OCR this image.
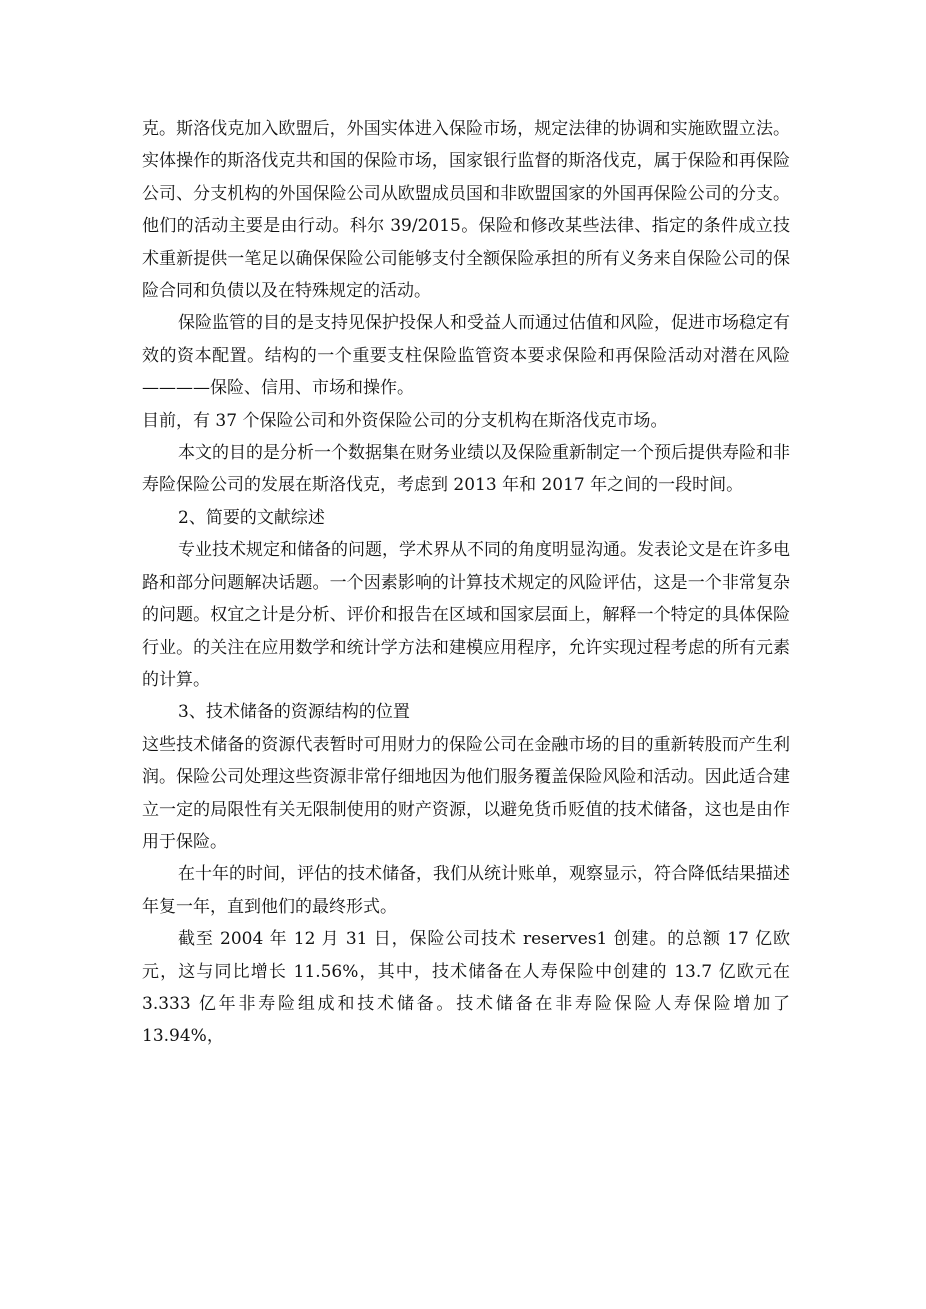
克。斯洛伐克加入欧盟后，外国实体进入保险市场，规定法律的协调和实施欧盟立法。实体操作的斯洛伐克共和国的保险市场，国家银行监督的斯洛伐克，属于保险和再保险公司、分支机构的外国保险公司从欧盟成员国和非欧盟国家的外国再保险公司的分支。他们的活动主要是由行动。科尔 39/2015。保险和修改某些法律、指定的条件成立技术重新提供一笔足以确保保险公司能够支付全额保险承担的所有义务来自保险公司的保险合同和负债以及在特殊规定的活动。

保险监管的目的是支持见保护投保人和受益人而通过估值和风险，促进市场稳定有效的资本配置。结构的一个重要支柱保险监管资本要求保险和再保险活动对潜在风险————保险、信用、市场和操作。

目前，有 37 个保险公司和外资保险公司的分支机构在斯洛伐克市场。

本文的目的是分析一个数据集在财务业绩以及保险重新制定一个预后提供寿险和非寿险保险公司的发展在斯洛伐克，考虑到 2013 年和 2017 年之间的一段时间。

2、简要的文献综述

专业技术规定和储备的问题，学术界从不同的角度明显沟通。发表论文是在许多电路和部分问题解决话题。一个因素影响的计算技术规定的风险评估，这是一个非常复杂的问题。权宜之计是分析、评价和报告在区域和国家层面上，解释一个特定的具体保险行业。的关注在应用数学和统计学方法和建模应用程序，允许实现过程考虑的所有元素的计算。

3、技术储备的资源结构的位置

这些技术储备的资源代表暂时可用财力的保险公司在金融市场的目的重新转股而产生利润。保险公司处理这些资源非常仔细地因为他们服务覆盖保险风险和活动。因此适合建立一定的局限性有关无限制使用的财产资源，以避免货币贬值的技术储备，这也是由作用于保险。

在十年的时间，评估的技术储备，我们从统计账单，观察显示，符合降低结果描述年复一年，直到他们的最终形式。

截至 2004 年 12 月 31 日，保险公司技术 reserves1 创建。的总额 17 亿欧元，这与同比增长 11.56%，其中，技术储备在人寿保险中创建的 13.7 亿欧元在 3.333 亿年非寿险组成和技术储备。技术储备在非寿险保险人寿保险增加了 13.94%，
